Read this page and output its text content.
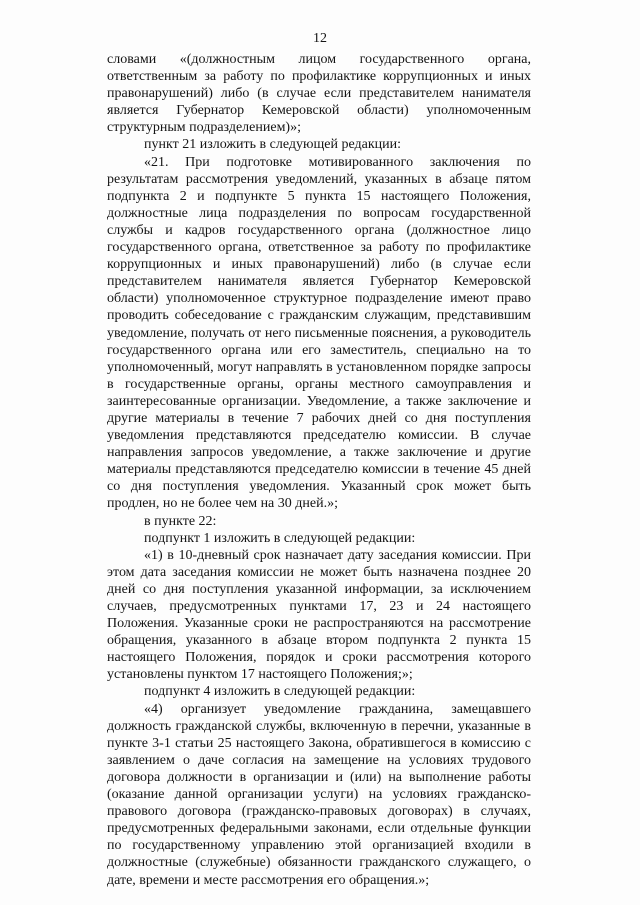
12

словами «(должностным лицом государственного органа, ответственным за работу по профилактике коррупционных и иных правонарушений) либо (в случае если представителем нанимателя является Губернатор Кемеровской области) уполномоченным структурным подразделением)»;

пункт 21 изложить в следующей редакции:

«21. При подготовке мотивированного заключения по результатам рассмотрения уведомлений, указанных в абзаце пятом подпункта 2 и подпункте 5 пункта 15 настоящего Положения, должностные лица подразделения по вопросам государственной службы и кадров государственного органа (должностное лицо государственного органа, ответственное за работу по профилактике коррупционных и иных правонарушений) либо (в случае если представителем нанимателя является Губернатор Кемеровской области) уполномоченное структурное подразделение имеют право проводить собеседование с гражданским служащим, представившим уведомление, получать от него письменные пояснения, а руководитель государственного органа или его заместитель, специально на то уполномоченный, могут направлять в установленном порядке запросы в государственные органы, органы местного самоуправления и заинтересованные организации. Уведомление, а также заключение и другие материалы в течение 7 рабочих дней со дня поступления уведомления представляются председателю комиссии. В случае направления запросов уведомление, а также заключение и другие материалы представляются председателю комиссии в течение 45 дней со дня поступления уведомления. Указанный срок может быть продлен, но не более чем на 30 дней.»;

в пункте 22:

подпункт 1 изложить в следующей редакции:

«1) в 10-дневный срок назначает дату заседания комиссии. При этом дата заседания комиссии не может быть назначена позднее 20 дней со дня поступления указанной информации, за исключением случаев, предусмотренных пунктами 17, 23 и 24 настоящего Положения. Указанные сроки не распространяются на рассмотрение обращения, указанного в абзаце втором подпункта 2 пункта 15 настоящего Положения, порядок и сроки рассмотрения которого установлены пунктом 17 настоящего Положения;»;

подпункт 4 изложить в следующей редакции:

«4) организует уведомление гражданина, замещавшего должность гражданской службы, включенную в перечни, указанные в пункте 3-1 статьи 25 настоящего Закона, обратившегося в комиссию с заявлением о даче согласия на замещение на условиях трудового договора должности в организации и (или) на выполнение работы (оказание данной организации услуги) на условиях гражданско-правового договора (гражданско-правовых договорах) в случаях, предусмотренных федеральными законами, если отдельные функции по государственному управлению этой организацией входили в должностные (служебные) обязанности гражданского служащего, о дате, времени и месте рассмотрения его обращения.»;
